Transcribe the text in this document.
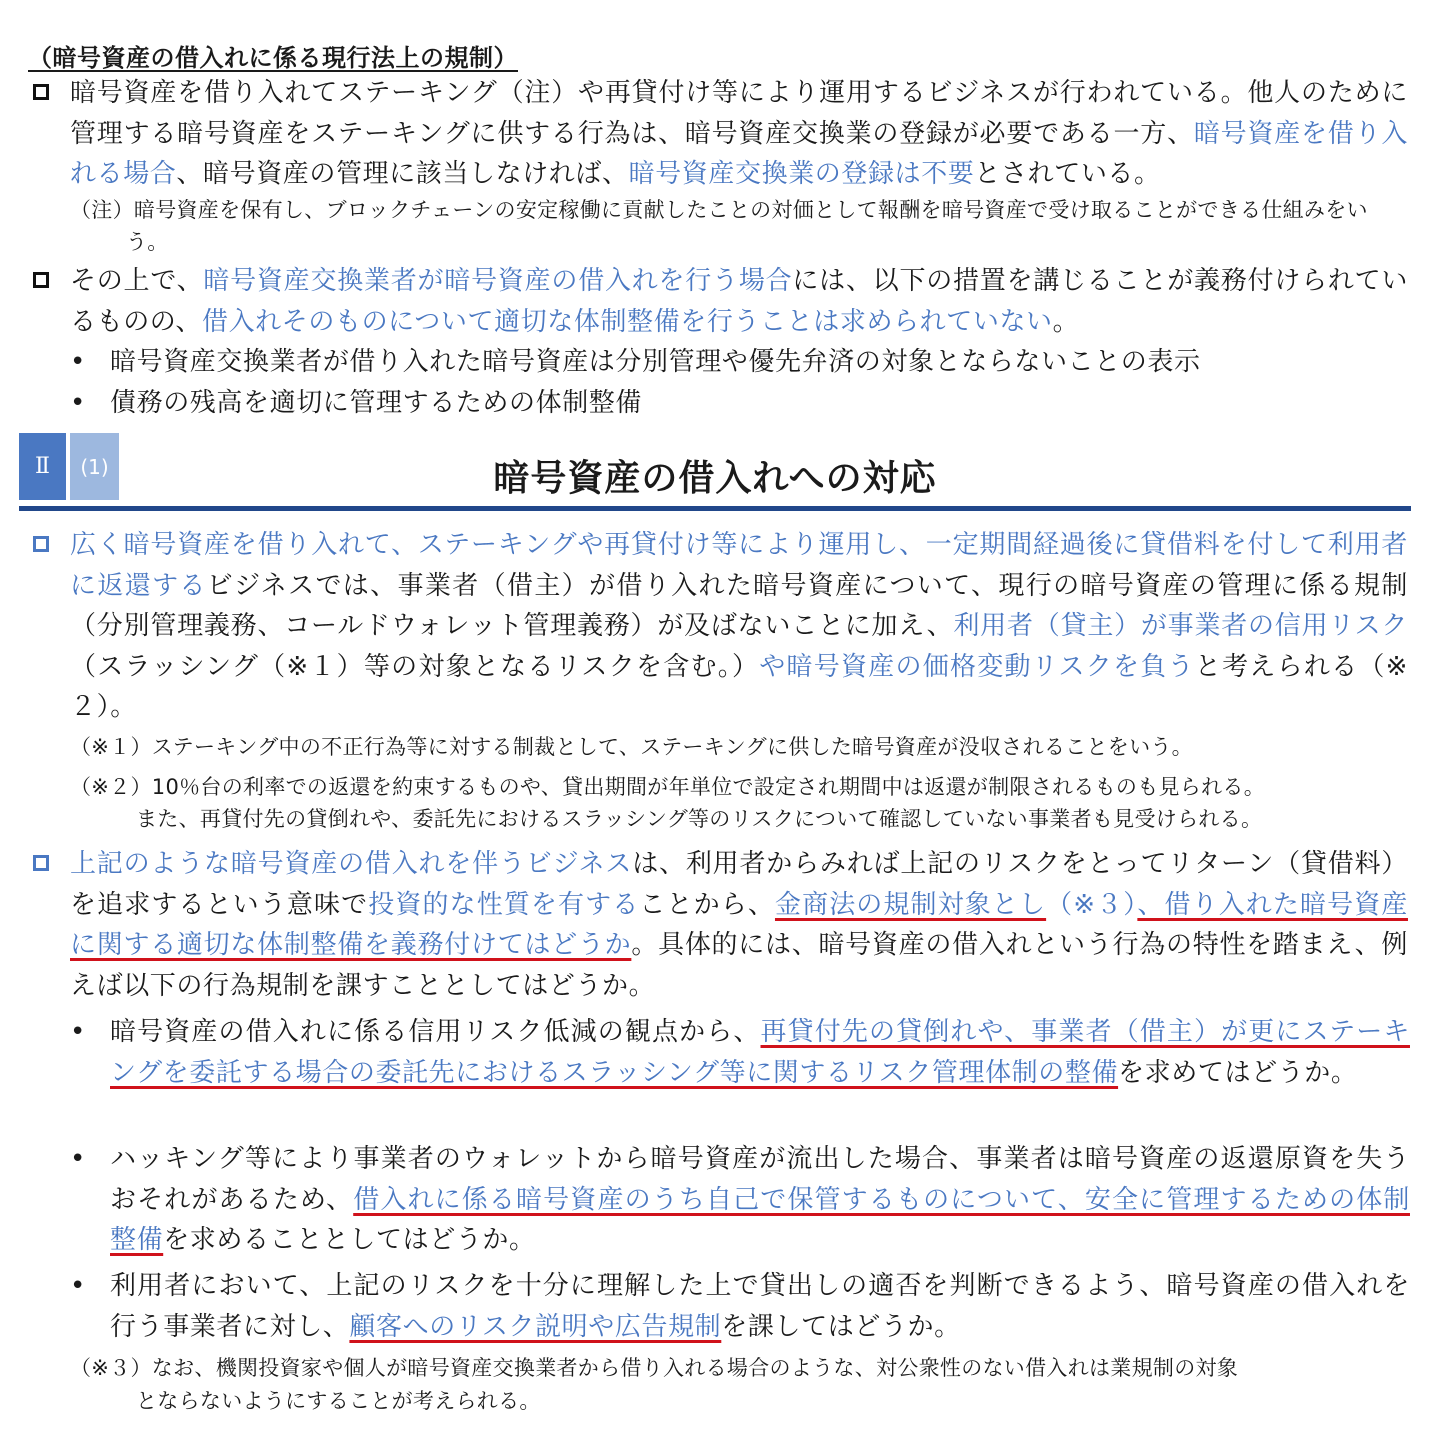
（暗号資産の借入れに係る現行法上の規制）
暗号資産を借り入れてステーキング（注）や再貸付け等により運用するビジネスが行われている。他人のために管理する暗号資産をステーキングに供する行為は、暗号資産交換業の登録が必要である一方、暗号資産を借り入れる場合、暗号資産の管理に該当しなければ、暗号資産交換業の登録は不要とされている。
（注）暗号資産を保有し、ブロックチェーンの安定稼働に貢献したことの対価として報酬を暗号資産で受け取ることができる仕組みをいう。
その上で、暗号資産交換業者が暗号資産の借入れを行う場合には、以下の措置を講じることが義務付けられているものの、借入れそのものについて適切な体制整備を行うことは求められていない。
• 暗号資産交換業者が借り入れた暗号資産は分別管理や優先弁済の対象とならないことの表示
• 債務の残高を適切に管理するための体制整備
Ⅱ	(1)	暗号資産の借入れへの対応
広く暗号資産を借り入れて、ステーキングや再貸付け等により運用し、一定期間経過後に貸借料を付して利用者に返還するビジネスでは、事業者（借主）が借り入れた暗号資産について、現行の暗号資産の管理に係る規制（分別管理義務、コールドウォレット管理義務）が及ばないことに加え、利用者（貸主）が事業者の信用リスク（スラッシング（※１）等の対象となるリスクを含む。）や暗号資産の価格変動リスクを負うと考えられる（※２）。
（※１）ステーキング中の不正行為等に対する制裁として、ステーキングに供した暗号資産が没収されることをいう。
（※２）10％台の利率での返還を約束するものや、貸出期間が年単位で設定され期間中は返還が制限されるものも見られる。
また、再貸付先の貸倒れや、委託先におけるスラッシング等のリスクについて確認していない事業者も見受けられる。
上記のような暗号資産の借入れを伴うビジネスは、利用者からみれば上記のリスクをとってリターン（貸借料）を追求するという意味で投資的な性質を有することから、金商法の規制対象とし（※３）、借り入れた暗号資産に関する適切な体制整備を義務付けてはどうか。具体的には、暗号資産の借入れという行為の特性を踏まえ、例えば以下の行為規制を課すこととしてはどうか。
• 暗号資産の借入れに係る信用リスク低減の観点から、再貸付先の貸倒れや、事業者（借主）が更にステーキングを委託する場合の委託先におけるスラッシング等に関するリスク管理体制の整備を求めてはどうか。
• ハッキング等により事業者のウォレットから暗号資産が流出した場合、事業者は暗号資産の返還原資を失うおそれがあるため、借入れに係る暗号資産のうち自己で保管するものについて、安全に管理するための体制整備を求めることとしてはどうか。
• 利用者において、上記のリスクを十分に理解した上で貸出しの適否を判断できるよう、暗号資産の借入れを行う事業者に対し、顧客へのリスク説明や広告規制を課してはどうか。
（※３）なお、機関投資家や個人が暗号資産交換業者から借り入れる場合のような、対公衆性のない借入れは業規制の対象
とならないようにすることが考えられる。
